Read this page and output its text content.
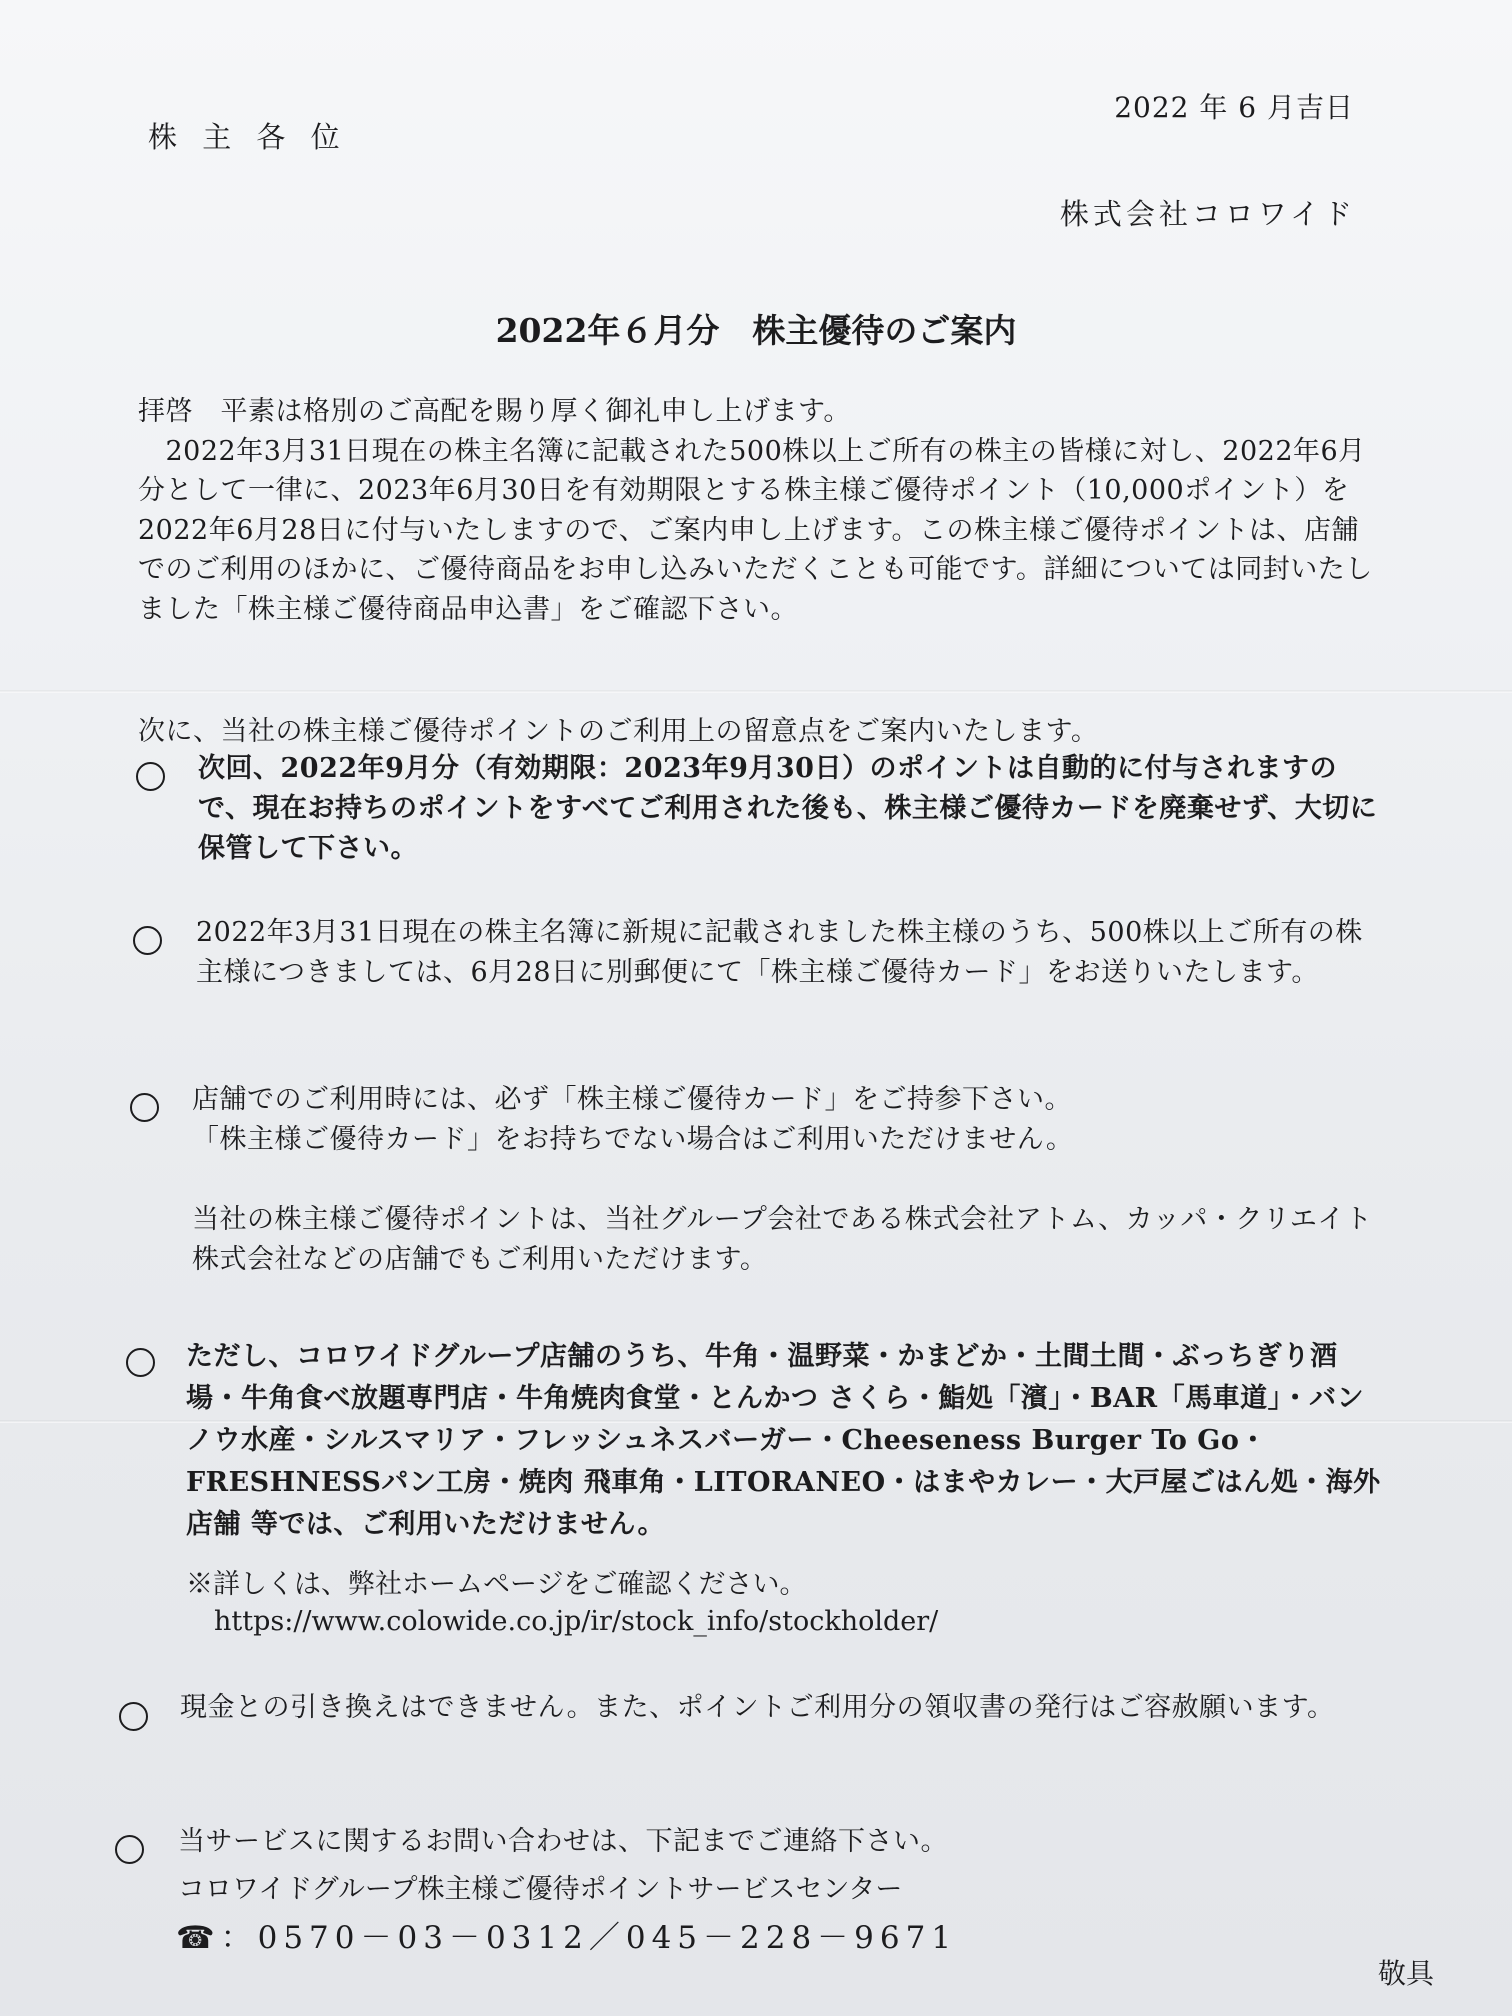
2022 年 6 月吉日
株 主 各 位
株式会社コロワイド
2022年６月分　株主優待のご案内
拝啓　平素は格別のご高配を賜り厚く御礼申し上げます。
　2022年3月31日現在の株主名簿に記載された500株以上ご所有の株主の皆様に対し、2022年6月分として一律に、2023年6月30日を有効期限とする株主様ご優待ポイント（10,000ポイント）を2022年6月28日に付与いたしますので、ご案内申し上げます。この株主様ご優待ポイントは、店舗でのご利用のほかに、ご優待商品をお申し込みいただくことも可能です。詳細については同封いたしました「株主様ご優待商品申込書」をご確認下さい。
次に、当社の株主様ご優待ポイントのご利用上の留意点をご案内いたします。
次回、2022年9月分（有効期限：2023年9月30日）のポイントは自動的に付与されますので、現在お持ちのポイントをすべてご利用された後も、株主様ご優待カードを廃棄せず、大切に保管して下さい。
2022年3月31日現在の株主名簿に新規に記載されました株主様のうち、500株以上ご所有の株主様につきましては、6月28日に別郵便にて「株主様ご優待カード」をお送りいたします。
店舗でのご利用時には、必ず「株主様ご優待カード」をご持参下さい。
「株主様ご優待カード」をお持ちでない場合はご利用いただけません。

当社の株主様ご優待ポイントは、当社グループ会社である株式会社アトム、カッパ・クリエイト株式会社などの店舗でもご利用いただけます。
ただし、コロワイドグループ店舗のうち、牛角・温野菜・かまどか・土間土間・ぶっちぎり酒場・牛角食べ放題専門店・牛角焼肉食堂・とんかつ さくら・鮨処「濱」・BAR「馬車道」・バンノウ水産・シルスマリア・フレッシュネスバーガー・Cheeseness Burger To Go・FRESHNESSパン工房・焼肉 飛車角・LITORANEO・はまやカレー・大戸屋ごはん処・海外店舗 等では、ご利用いただけません。
※詳しくは、弊社ホームページをご確認ください。
https://www.colowide.co.jp/ir/stock_info/stockholder/
現金との引き換えはできません。また、ポイントご利用分の領収書の発行はご容赦願います。
当サービスに関するお問い合わせは、下記までご連絡下さい。
コロワイドグループ株主様ご優待ポイントサービスセンター
☎：0570－03－0312／045－228－9671
敬具
